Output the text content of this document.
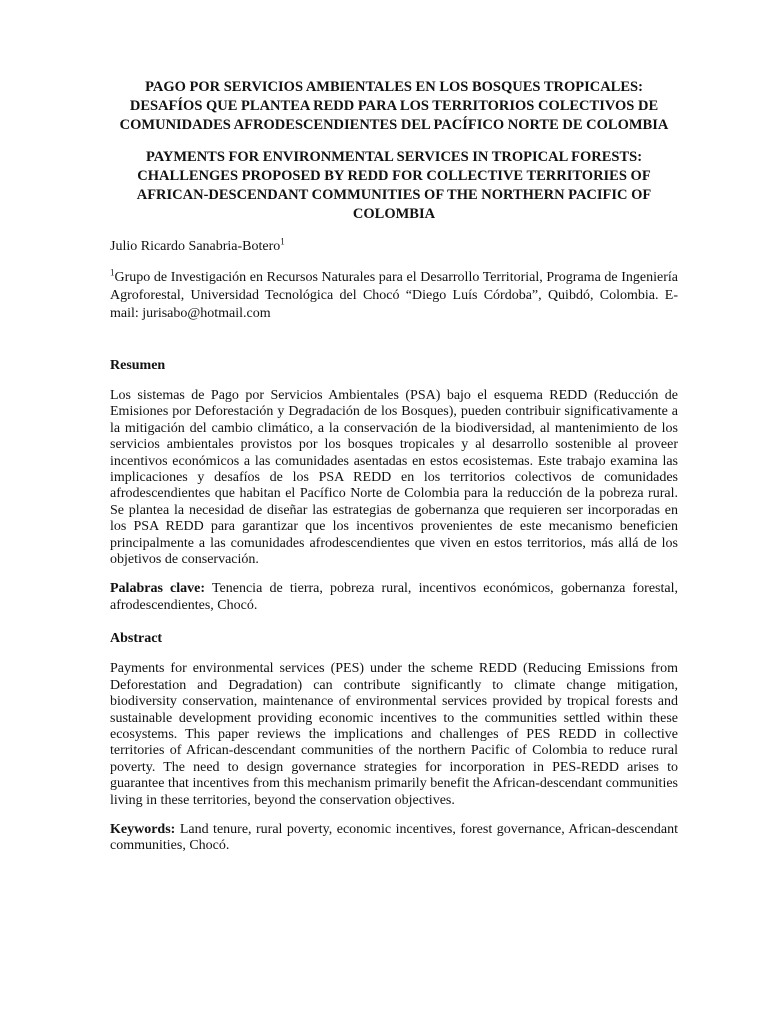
PAGO POR SERVICIOS AMBIENTALES EN LOS BOSQUES TROPICALES: DESAFÍOS QUE PLANTEA REDD PARA LOS TERRITORIOS COLECTIVOS DE COMUNIDADES AFRODESCENDIENTES DEL PACÍFICO NORTE DE COLOMBIA

PAYMENTS FOR ENVIRONMENTAL SERVICES IN TROPICAL FORESTS: CHALLENGES PROPOSED BY REDD FOR COLLECTIVE TERRITORIES OF AFRICAN-DESCENDANT COMMUNITIES OF THE NORTHERN PACIFIC OF COLOMBIA

Julio Ricardo Sanabria-Botero$^1$
$^1$Grupo de Investigación en Recursos Naturales para el Desarrollo Territorial, Programa de Ingeniería Agroforestal, Universidad Tecnológica del Chocó “Diego Luís Córdoba”, Quibdó, Colombia. E-mail: jurisabo@hotmail.com
Resumen
Los sistemas de Pago por Servicios Ambientales (PSA) bajo el esquema REDD (Reducción de Emisiones por Deforestación y Degradación de los Bosques), pueden contribuir significativamente a la mitigación del cambio climático, a la conservación de la biodiversidad, al mantenimiento de los servicios ambientales provistos por los bosques tropicales y al desarrollo sostenible al proveer incentivos económicos a las comunidades asentadas en estos ecosistemas. Este trabajo examina las implicaciones y desafíos de los PSA REDD en los territorios colectivos de comunidades afrodescendientes que habitan el Pacífico Norte de Colombia para la reducción de la pobreza rural. Se plantea la necesidad de diseñar las estrategias de gobernanza que requieren ser incorporadas en los PSA REDD para garantizar que los incentivos provenientes de este mecanismo beneficien principalmente a las comunidades afrodescendientes que viven en estos territorios, más allá de los objetivos de conservación.
Palabras clave: Tenencia de tierra, pobreza rural, incentivos económicos, gobernanza forestal, afrodescendientes, Chocó.
Abstract
Payments for environmental services (PES) under the scheme REDD (Reducing Emissions from Deforestation and Degradation) can contribute significantly to climate change mitigation, biodiversity conservation, maintenance of environmental services provided by tropical forests and sustainable development providing economic incentives to the communities settled within these ecosystems. This paper reviews the implications and challenges of PES REDD in collective territories of African-descendant communities of the northern Pacific of Colombia to reduce rural poverty. The need to design governance strategies for incorporation in PES-REDD arises to guarantee that incentives from this mechanism primarily benefit the African-descendant communities living in these territories, beyond the conservation objectives.
Keywords: Land tenure, rural poverty, economic incentives, forest governance, African-descendant communities, Chocó.
